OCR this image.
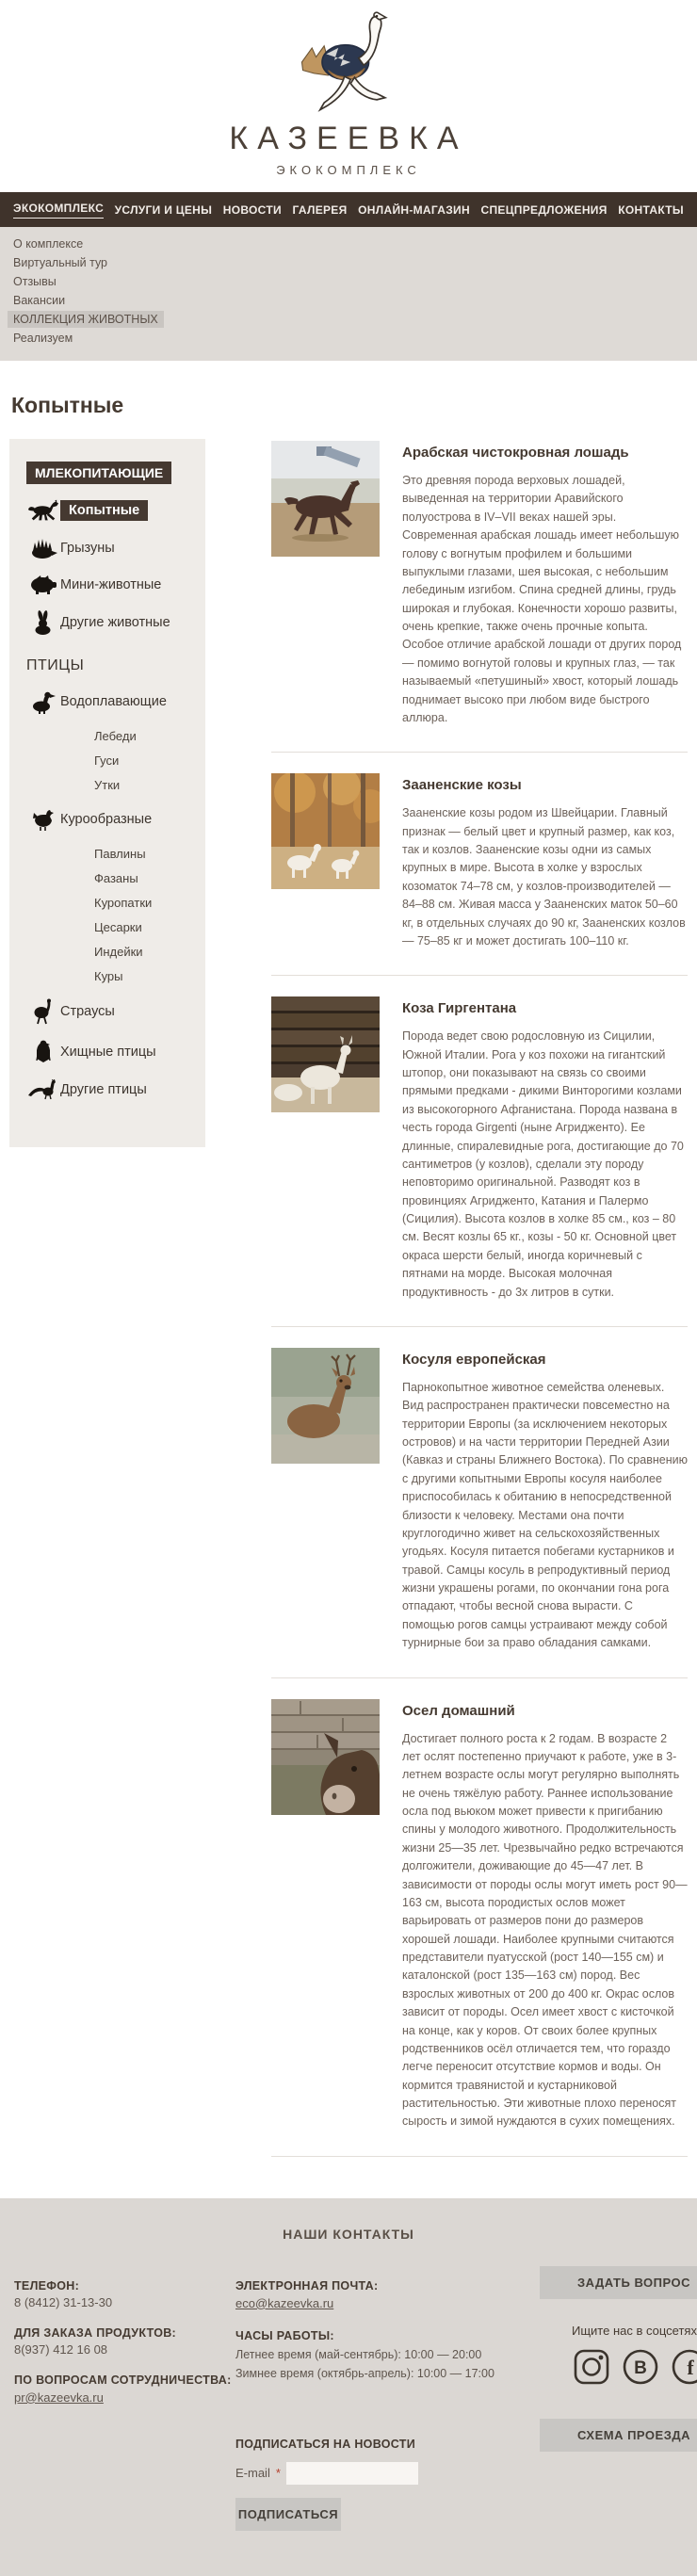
КАЗЕЕВКА
ЭКОКОМПЛЕКС
ЭКОКОМПЛЕКС УСЛУГИ И ЦЕНЫ НОВОСТИ ГАЛЕРЕЯ ОНЛАЙН-МАГАЗИН СПЕЦПРЕДЛОЖЕНИЯ КОНТАКТЫ
О комплексе
Виртуальный тур
Отзывы
Вакансии
КОЛЛЕКЦИЯ ЖИВОТНЫХ
Реализуем
Копытные
МЛЕКОПИТАЮЩИЕ
Копытные
Грызуны
Мини-животные
Другие животные
ПТИЦЫ
Водоплавающие
Лебеди
Гуси
Утки
Курообразные
Павлины
Фазаны
Куропатки
Цесарки
Индейки
Куры
Страусы
Хищные птицы
Другие птицы
Арабская чистокровная лошадь

Это древняя порода верховых лошадей, выведенная на территории Аравийского полуострова в IV–VII веках нашей эры. Современная арабская лошадь имеет небольшую голову с вогнутым профилем и большими выпуклыми глазами, шея высокая, с небольшим лебединым изгибом. Спина средней длины, грудь широкая и глубокая. Конечности хорошо развиты, очень крепкие, также очень прочные копыта. Особое отличие арабской лошади от других пород — помимо вогнутой головы и крупных глаз, — так называемый «петушиный» хвост, который лошадь поднимает высоко при любом виде быстрого аллюра.

Зааненские козы

Зааненские козы родом из Швейцарии. Главный признак — белый цвет и крупный размер, как коз, так и козлов. Зааненские козы одни из самых крупных в мире. Высота в холке у взрослых козоматок 74–78 см, у козлов-производителей — 84–88 см. Живая масса у Зааненских маток 50–60 кг, в отдельных случаях до 90 кг, Зааненских козлов — 75–85 кг и может достигать 100–110 кг.

Коза Гиргентана

Порода ведет свою родословную из Сицилии, Южной Италии. Рога у коз похожи на гигантский штопор, они показывают на связь со своими прямыми предками - дикими Винторогими козлами из высокогорного Афганистана. Порода названа в честь города Girgenti (ныне Агридженто). Ее длинные, спиралевидные рога, достигающие до 70 сантиметров (у козлов), сделали эту породу неповторимо оригинальной. Разводят коз в провинциях Агридженто, Катания и Палермо (Сицилия). Высота козлов в холке 85 см., коз – 80 см. Весят козлы 65 кг., козы - 50 кг. Основной цвет окраса шерсти белый, иногда коричневый с пятнами на морде. Высокая молочная продуктивность - до 3х литров в сутки.

Косуля европейская

Парнокопытное животное семейства оленевых. Вид распространен практически повсеместно на территории Европы (за исключением некоторых островов) и на части территории Передней Азии (Кавказ и страны Ближнего Востока). По сравнению с другими копытными Европы косуля наиболее приспособилась к обитанию в непосредственной близости к человеку. Местами она почти круглогодично живет на сельскохозяйственных угодьях. Косуля питается побегами кустарников и травой. Самцы косуль в репродуктивный период жизни украшены рогами, по окончании гона рога отпадают, чтобы весной снова вырасти. С помощью рогов самцы устраивают между собой турнирные бои за право обладания самками.

Осел домашний

Достигает полного роста к 2 годам. В возрасте 2 лет ослят постепенно приучают к работе, уже в 3-летнем возрасте ослы могут регулярно выполнять не очень тяжёлую работу. Раннее использование осла под вьюком может привести к пригибанию спины у молодого животного. Продолжительность жизни 25—35 лет. Чрезвычайно редко встречаются долгожители, доживающие до 45—47 лет. В зависимости от породы ослы могут иметь рост 90—163 см, высота породистых ослов может варьировать от размеров пони до размеров хорошей лошади. Наиболее крупными считаются представители пуатусской (рост 140—155 см) и каталонской (рост 135—163 см) пород. Вес взрослых животных от 200 до 400 кг. Окрас ослов зависит от породы. Осел имеет хвост с кисточкой на конце, как у коров. От своих более крупных родственников осёл отличается тем, что гораздо легче переносит отсутствие кормов и воды. Он кормится травянистой и кустарниковой растительностью. Эти животные плохо переносят сырость и зимой нуждаются в сухих помещениях.

НАШИ КОНТАКТЫ
ТЕЛЕФОН:
8 (8412) 31-13-30
ДЛЯ ЗАКАЗА ПРОДУКТОВ:
8(937) 412 16 08
ПО ВОПРОСАМ СОТРУДНИЧЕСТВА:
pr@kazeevka.ru
ЭЛЕКТРОННАЯ ПОЧТА:
eco@kazeevka.ru
ЧАСЫ РАБОТЫ:
Летнее время (май-сентябрь): 10:00 — 20:00
Зимнее время (октябрь-апрель): 10:00 — 17:00
ПОДПИСАТЬСЯ НА НОВОСТИ
E-mail *
ПОДПИСАТЬСЯ
ЗАДАТЬ ВОПРОС
Ищите нас в соцсетях
В f
СХЕМА ПРОЕЗДА
